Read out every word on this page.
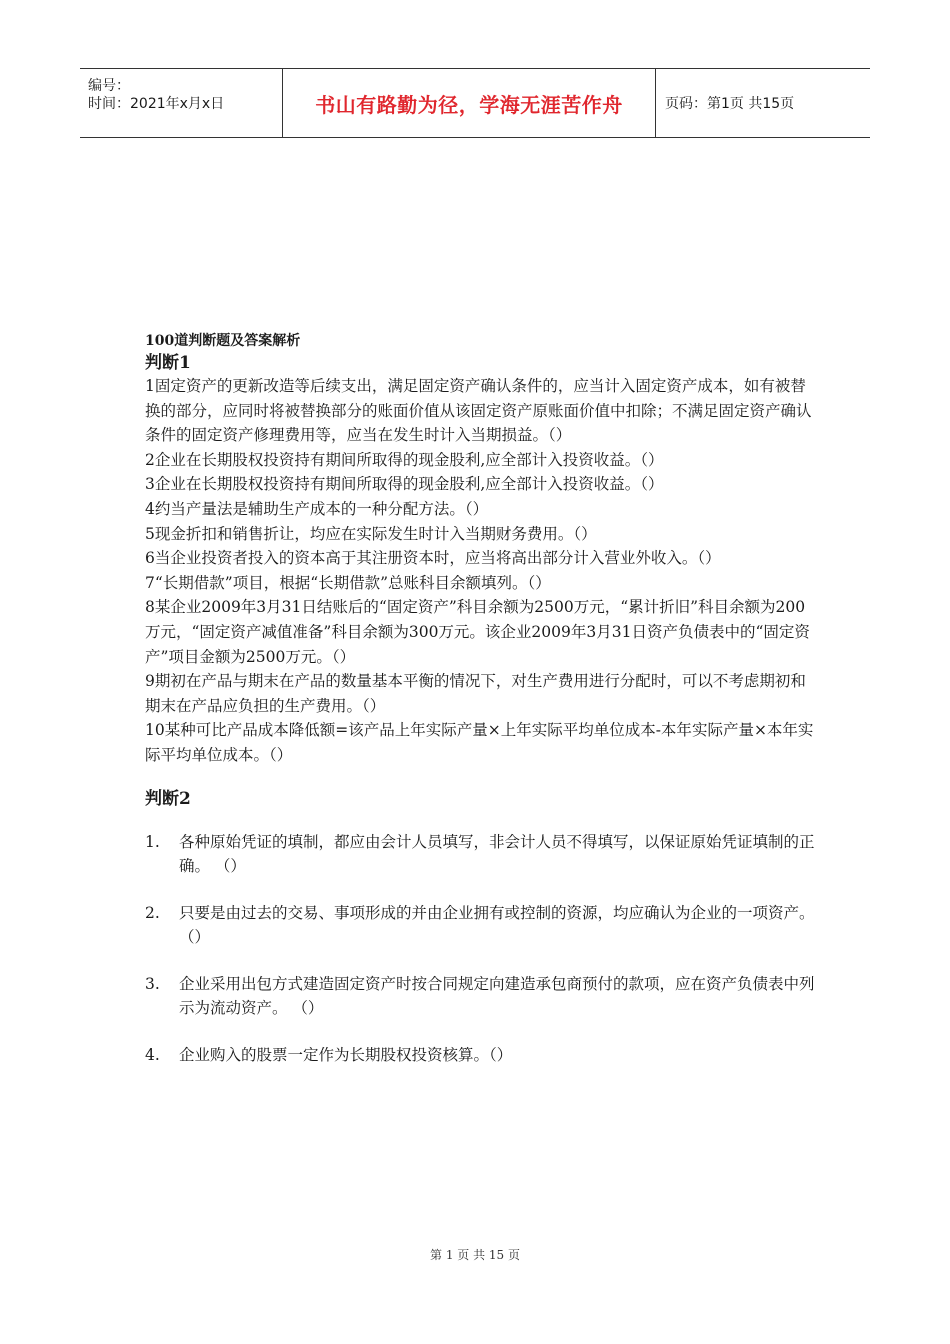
编号：
时间：2021年x月x日	书山有路勤为径，学海无涯苦作舟	页码：第1页 共15页

100道判断题及答案解析

判断1

1固定资产的更新改造等后续支出，满足固定资产确认条件的，应当计入固定资产成本，如有被替换的部分，应同时将被替换部分的账面价值从该固定资产原账面价值中扣除；不满足固定资产确认条件的固定资产修理费用等，应当在发生时计入当期损益。（）

2企业在长期股权投资持有期间所取得的现金股利,应全部计入投资收益。（）

3企业在长期股权投资持有期间所取得的现金股利,应全部计入投资收益。（）

4约当产量法是辅助生产成本的一种分配方法。（）

5现金折扣和销售折让，均应在实际发生时计入当期财务费用。（）

6当企业投资者投入的资本高于其注册资本时，应当将高出部分计入营业外收入。（）

7“长期借款”项目，根据“长期借款”总账科目余额填列。（）

8某企业2009年3月31日结账后的“固定资产”科目余额为2500万元，“累计折旧”科目余额为200万元，“固定资产减值准备”科目余额为300万元。该企业2009年3月31日资产负债表中的“固定资产”项目金额为2500万元。（）

9期初在产品与期末在产品的数量基本平衡的情况下，对生产费用进行分配时，可以不考虑期初和期末在产品应负担的生产费用。（）

10某种可比产品成本降低额=该产品上年实际产量×上年实际平均单位成本-本年实际产量×本年实际平均单位成本。（）

判断2

1. 各种原始凭证的填制，都应由会计人员填写，非会计人员不得填写，以保证原始凭证填制的正确。 （）
2. 只要是由过去的交易、事项形成的并由企业拥有或控制的资源，均应确认为企业的一项资产。 （）
3. 企业采用出包方式建造固定资产时按合同规定向建造承包商预付的款项，应在资产负债表中列示为流动资产。 （）
4. 企业购入的股票一定作为长期股权投资核算。（）
第 1 页 共 15 页
